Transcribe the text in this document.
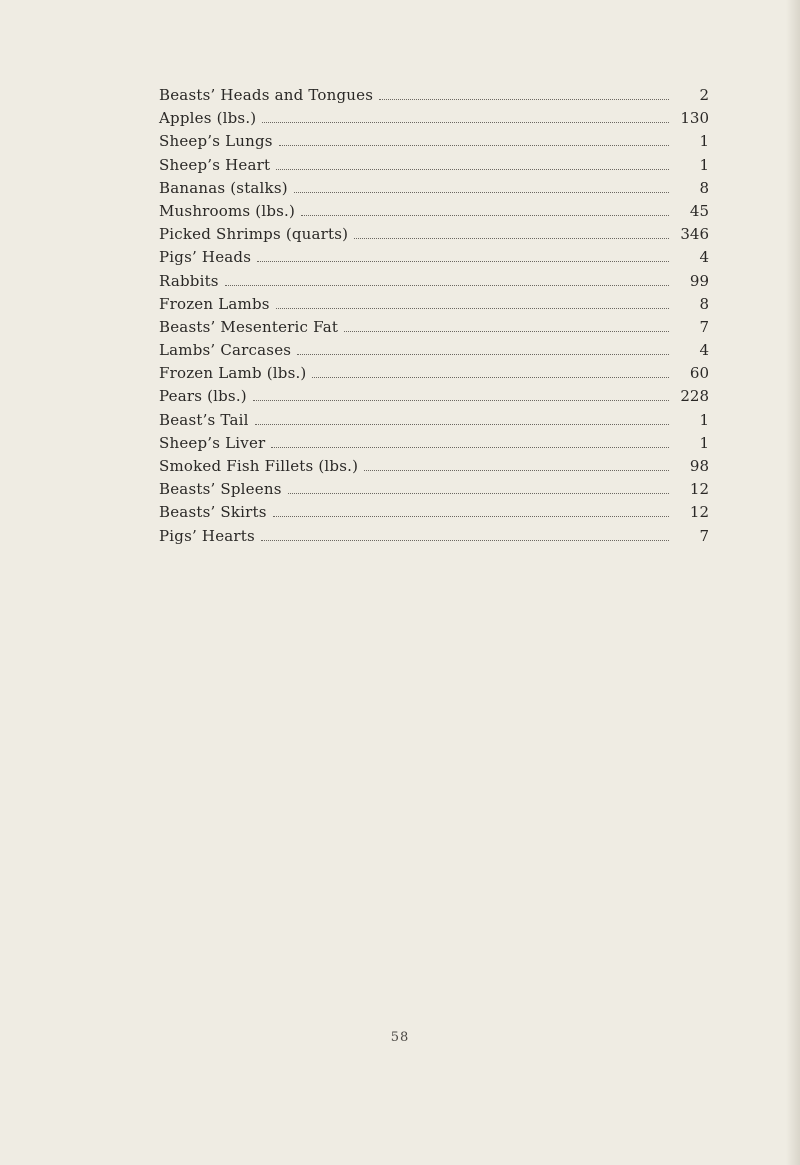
Beasts’ Heads and Tongues	2
Apples (lbs.)	130
Sheep’s Lungs	1
Sheep’s Heart	1
Bananas (stalks)	8
Mushrooms (lbs.)	45
Picked Shrimps (quarts)	346
Pigs’ Heads	4
Rabbits	99
Frozen Lambs	8
Beasts’ Mesenteric Fat	7
Lambs’ Carcases	4
Frozen Lamb (lbs.)	60
Pears (lbs.)	228
Beast’s Tail	1
Sheep’s Liver	1
Smoked Fish Fillets (lbs.)	98
Beasts’ Spleens	12
Beasts’ Skirts	12
Pigs’ Hearts	7
58
